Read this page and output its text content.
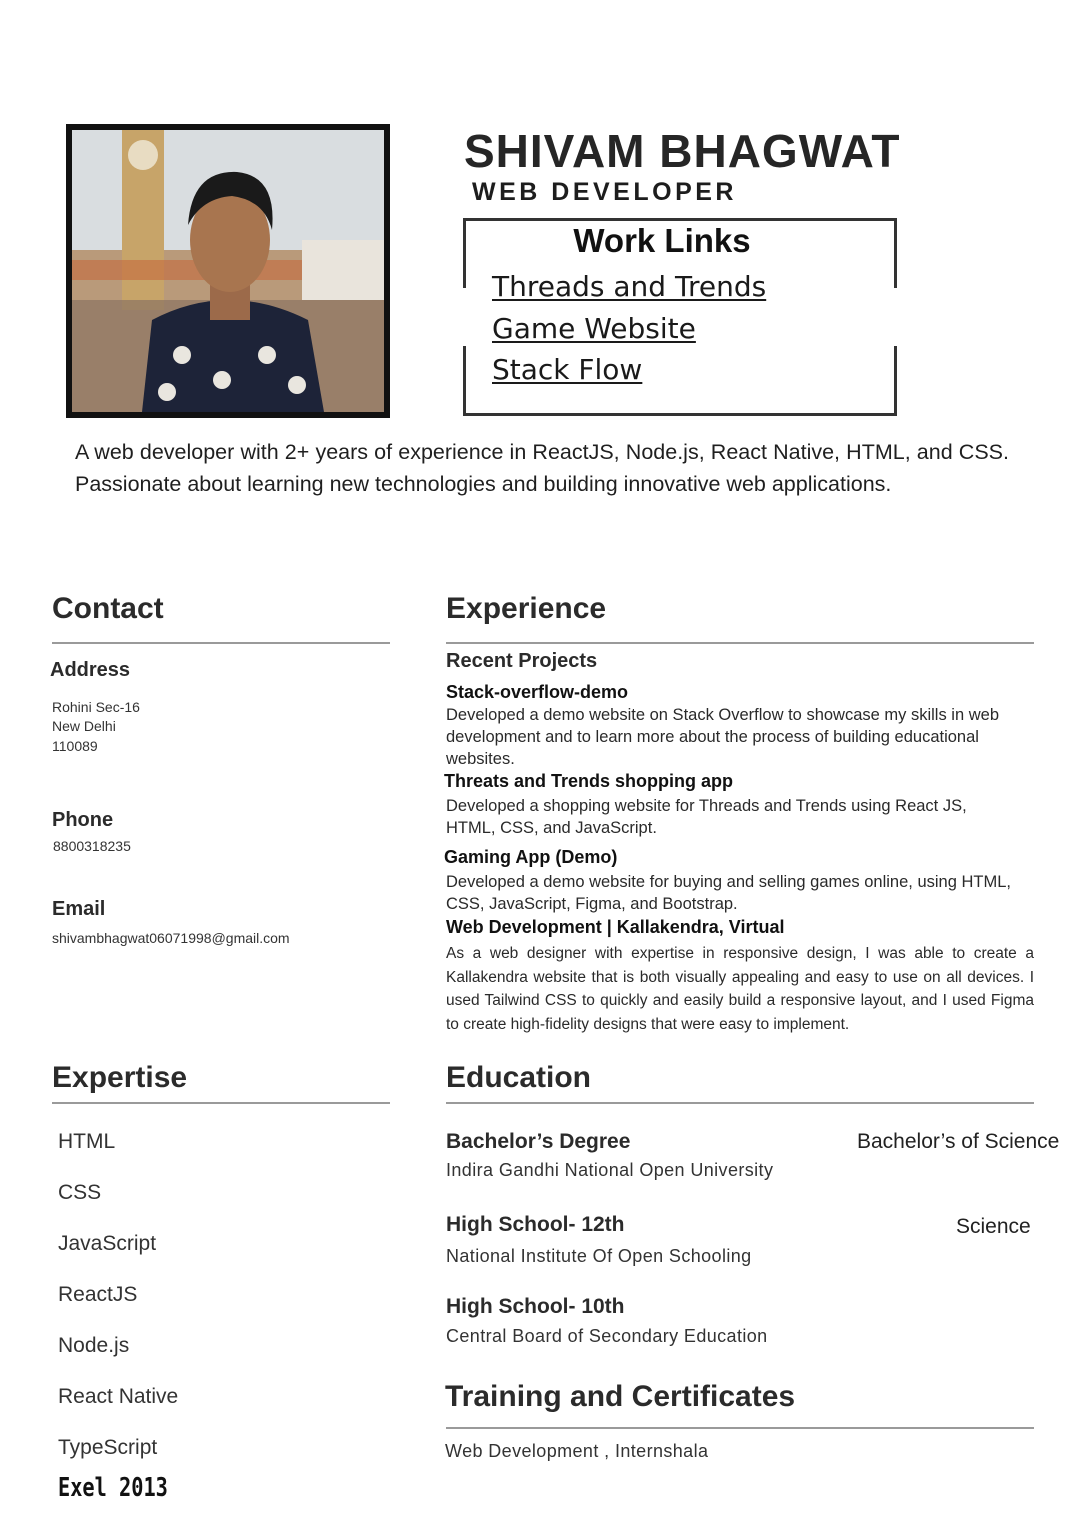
SHIVAM BHAGWAT
WEB DEVELOPER
Work Links
Threads and Trends
Game Website
Stack Flow
A web developer with 2+ years of experience in ReactJS, Node.js, React Native, HTML, and CSS. Passionate about learning new technologies and building innovative web applications.
Contact
Address
Rohini Sec-16
New Delhi
110089
Phone
8800318235
Email
shivambhagwat06071998@gmail.com
Experience
Recent Projects
Stack-overflow-demo
Developed a demo website on Stack Overflow to showcase my skills in web development and to learn more about the process of building educational websites.
Threats and Trends shopping app
Developed a shopping website for Threads and Trends using React JS, HTML, CSS, and JavaScript.
Gaming App (Demo)
Developed a demo website for buying and selling games online, using HTML, CSS, JavaScript, Figma, and Bootstrap.
Web Development | Kallakendra, Virtual
As a web designer with expertise in responsive design, I was able to create a Kallakendra website that is both visually appealing and easy to use on all devices. I used Tailwind CSS to quickly and easily build a responsive layout, and I used Figma to create high-fidelity designs that were easy to implement.
Expertise
HTML
CSS
JavaScript
ReactJS
Node.js
React Native
TypeScript
Exel 2013
Education
Bachelor’s Degree
Indira Gandhi National Open University
Bachelor’s of Science
High School- 12th
National Institute Of Open Schooling
Science
High School- 10th
Central Board of Secondary Education
Training and Certificates
Web Development , Internshala
